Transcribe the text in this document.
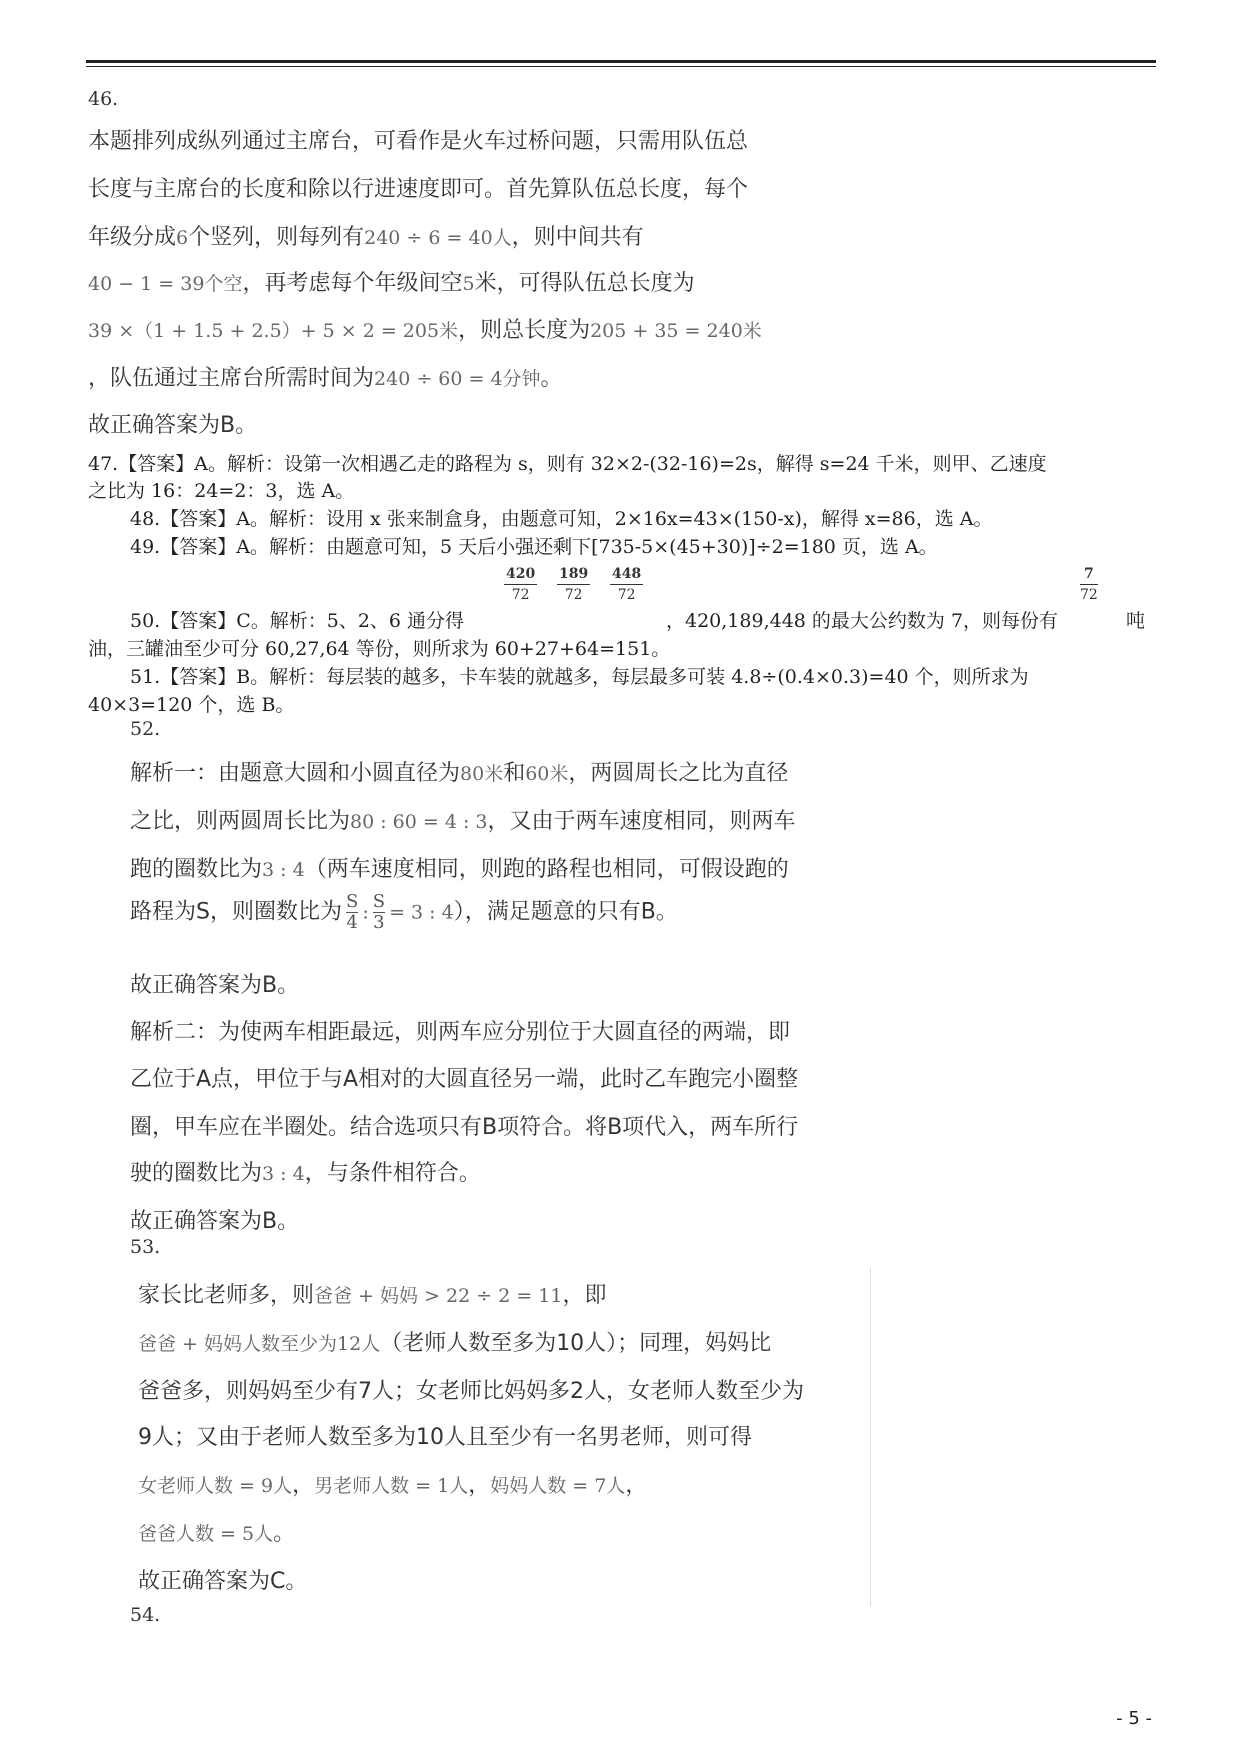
46.
本题排列成纵列通过主席台，可看作是火车过桥问题，只需用队伍总
长度与主席台的长度和除以行进速度即可。首先算队伍总长度，每个
年级分成6个竖列，则每列有240 ÷ 6 = 40人，则中间共有
40 − 1 = 39个空，再考虑每个年级间空5米，可得队伍总长度为
39 ×（1 + 1.5 + 2.5）+ 5 × 2 = 205米，则总长度为205 + 35 = 240米
，队伍通过主席台所需时间为240 ÷ 60 = 4分钟。
故正确答案为B。
47.【答案】A。解析：设第一次相遇乙走的路程为 s，则有 32×2-(32-16)=2s，解得 s=24 千米，则甲、乙速度
之比为 16：24=2：3，选 A。
48.【答案】A。解析：设用 x 张来制盒身，由题意可知，2×16x=43×(150-x)，解得 x=86，选 A。
49.【答案】A。解析：由题意可知，5 天后小强还剩下[735-5×(45+30)]÷2=180 页，选 A。
420
72
189
72
448
72
7
72
50.【答案】C。解析：5、2、6 通分得	，420,189,448 的最大公约数为 7，则每份有	吨
油，三罐油至少可分 60,27,64 等份，则所求为 60+27+64=151。
51.【答案】B。解析：每层装的越多，卡车装的就越多，每层最多可装 4.8÷(0.4×0.3)=40 个，则所求为
40×3=120 个，选 B。
52.
解析一：由题意大圆和小圆直径为80米和60米，两圆周长之比为直径
之比，则两圆周长比为80 : 60 = 4 : 3，又由于两车速度相同，则两车
跑的圈数比为3 : 4（两车速度相同，则跑的路程也相同，可假设跑的
路程为S，则圈数比为 $\frac{S}{4}$ : $\frac{S}{3} = 3$ : 4），满足题意的只有B。
故正确答案为B。
解析二：为使两车相距最远，则两车应分别位于大圆直径的两端，即
乙位于A点，甲位于与A相对的大圆直径另一端，此时乙车跑完小圈整
圈，甲车应在半圈处。结合选项只有B项符合。将B项代入，两车所行
驶的圈数比为3 : 4，与条件相符合。
故正确答案为B。
53.
家长比老师多，则爸爸 + 妈妈 > 22 ÷ 2 = 11，即
爸爸 + 妈妈人数至少为12人（老师人数至多为10人）；同理，妈妈比
爸爸多，则妈妈至少有7人；女老师比妈妈多2人，女老师人数至少为
9人；又由于老师人数至多为10人且至少有一名男老师，则可得
女老师人数 = 9人，男老师人数 = 1人，妈妈人数 = 7人，
爸爸人数 = 5人。
故正确答案为C。
54.
- 5 -
